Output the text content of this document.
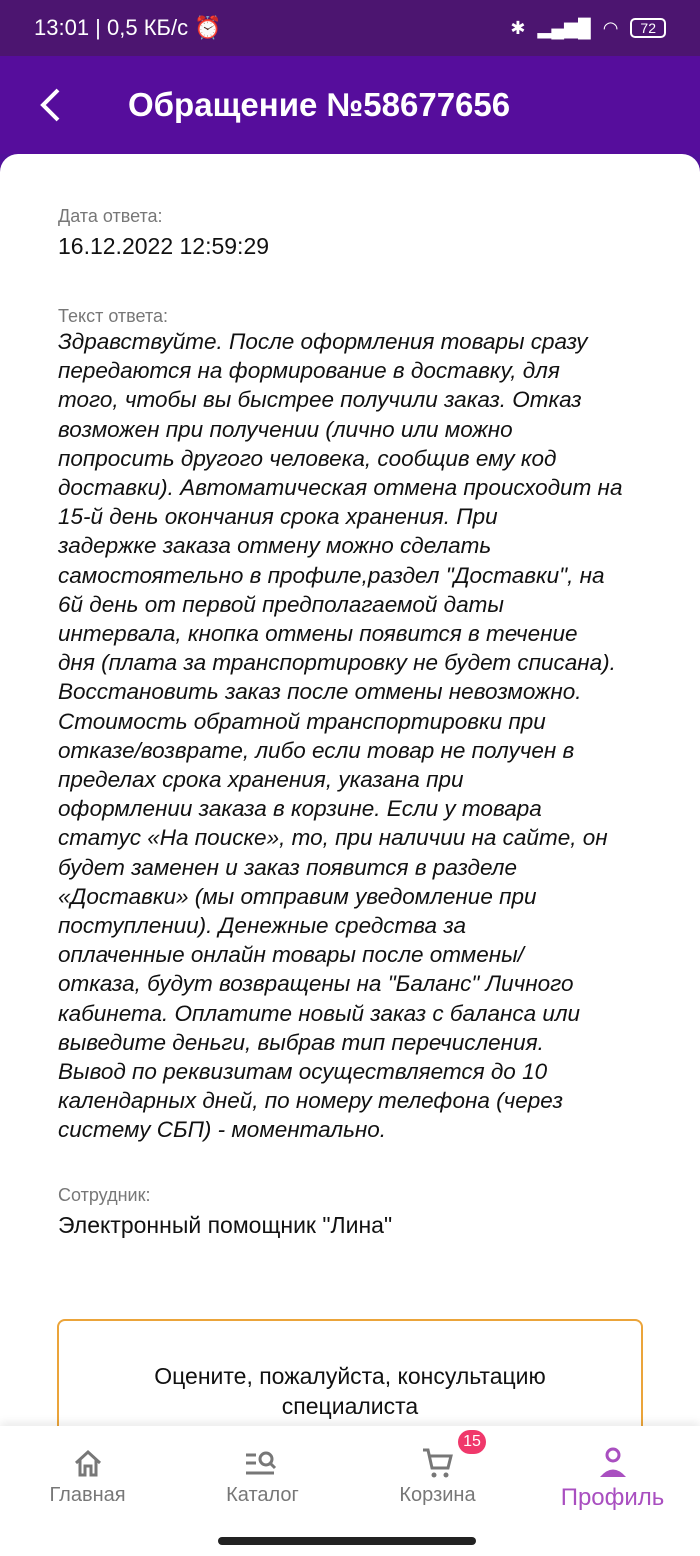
13:01 | 0,5 КБ/с
⏰	✱ ▂▄▆█ ◠	72
Обращение №58677656
Дата ответа:
16.12.2022 12:59:29
Текст ответа:
Здравствуйте. После оформления товары сразу
передаются на формирование в доставку, для
того, чтобы вы быстрее получили заказ. Отказ
возможен при получении (лично или можно
попросить другого человека, сообщив ему код
доставки). Автоматическая отмена происходит на
15-й день окончания срока хранения. При
задержке заказа отмену можно сделать
самостоятельно в профиле,раздел "Доставки", на
6й день от первой предполагаемой даты
интервала, кнопка отмены появится в течение
дня (плата за транспортировку не будет списана).
Восстановить заказ после отмены невозможно.
Стоимость обратной транспортировки при
отказе/возврате, либо если товар не получен в
пределах срока хранения, указана при
оформлении заказа в корзине. Если у товара
статус «На поиске», то, при наличии на сайте, он
будет заменен и заказ появится в разделе
«Доставки» (мы отправим уведомление при
поступлении). Денежные средства за
оплаченные онлайн товары после отмены/
отказа, будут возвращены на "Баланс" Личного
кабинета. Оплатите новый заказ с баланса или
выведите деньги, выбрав тип перечисления.
Вывод по реквизитам осуществляется до 10
календарных дней, по номеру телефона (через
систему СБП) - моментально.
Сотрудник:
Электронный помощник "Лина"
Оцените, пожалуйста, консультацию
специалиста
Главная	Каталог
15
Корзина	Профиль
